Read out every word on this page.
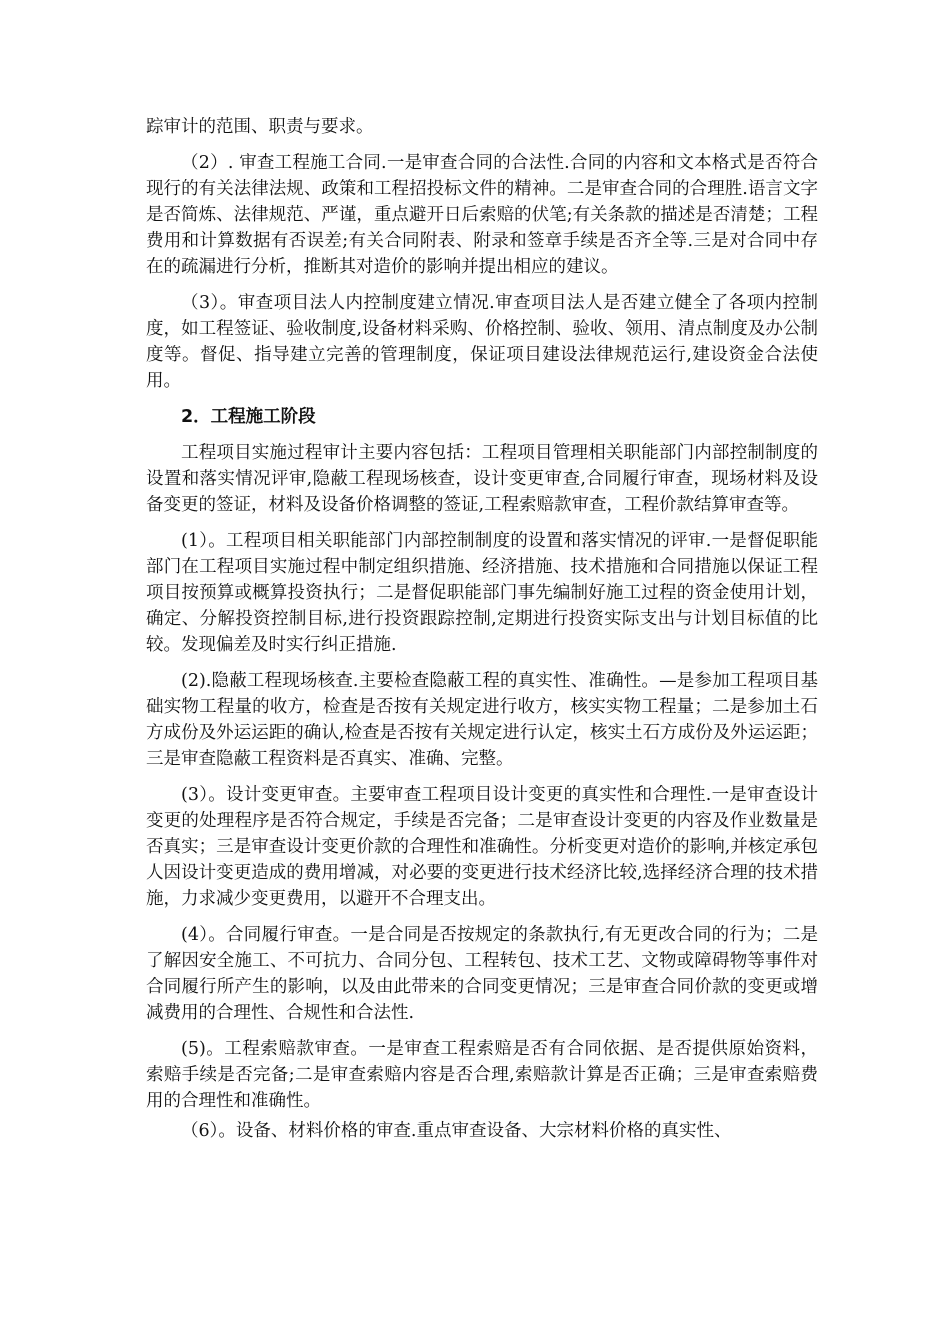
踪审计的范围、职责与要求。

（2）. 审查工程施工合同.一是审查合同的合法性.合同的内容和文本格式是否符合现行的有关法律法规、政策和工程招投标文件的精神。二是审查合同的合理胜.语言文字是否简炼、法律规范、严谨，重点避开日后索赔的伏笔;有关条款的描述是否清楚；工程费用和计算数据有否误差;有关合同附表、附录和签章手续是否齐全等.三是对合同中存在的疏漏进行分析，推断其对造价的影响并提出相应的建议。

（3）。审查项目法人内控制度建立情况.审查项目法人是否建立健全了各项内控制度，如工程签证、验收制度,设备材料采购、价格控制、验收、领用、清点制度及办公制度等。督促、指导建立完善的管理制度，保证项目建设法律规范运行,建设资金合法使用。

2．工程施工阶段

工程项目实施过程审计主要内容包括：工程项目管理相关职能部门内部控制制度的设置和落实情况评审,隐蔽工程现场核查，设计变更审查,合同履行审查，现场材料及设备变更的签证，材料及设备价格调整的签证,工程索赔款审查，工程价款结算审查等。

(1）。工程项目相关职能部门内部控制制度的设置和落实情况的评审.一是督促职能部门在工程项目实施过程中制定组织措施、经济措施、技术措施和合同措施以保证工程项目按预算或概算投资执行；二是督促职能部门事先编制好施工过程的资金使用计划，确定、分解投资控制目标,进行投资跟踪控制,定期进行投资实际支出与计划目标值的比较。发现偏差及时实行纠正措施.

(2).隐蔽工程现场核查.主要检查隐蔽工程的真实性、准确性。—是参加工程项目基础实物工程量的收方，检查是否按有关规定进行收方，核实实物工程量；二是参加土石方成份及外运运距的确认,检查是否按有关规定进行认定，核实土石方成份及外运运距；三是审查隐蔽工程资料是否真实、准确、完整。

(3）。设计变更审查。主要审查工程项目设计变更的真实性和合理性.一是审查设计变更的处理程序是否符合规定，手续是否完备；二是审查设计变更的内容及作业数量是否真实；三是审查设计变更价款的合理性和准确性。分析变更对造价的影响,并核定承包人因设计变更造成的费用增减，对必要的变更进行技术经济比较,选择经济合理的技术措施，力求减少变更费用，以避开不合理支出。

(4）。合同履行审查。一是合同是否按规定的条款执行,有无更改合同的行为；二是了解因安全施工、不可抗力、合同分包、工程转包、技术工艺、文物或障碍物等事件对合同履行所产生的影响，以及由此带来的合同变更情况；三是审查合同价款的变更或增减费用的合理性、合规性和合法性.

(5)。工程索赔款审查。一是审查工程索赔是否有合同依据、是否提供原始资料，索赔手续是否完备;二是审查索赔内容是否合理,索赔款计算是否正确；三是审查索赔费用的合理性和准确性。

（6）。设备、材料价格的审查.重点审查设备、大宗材料价格的真实性、
